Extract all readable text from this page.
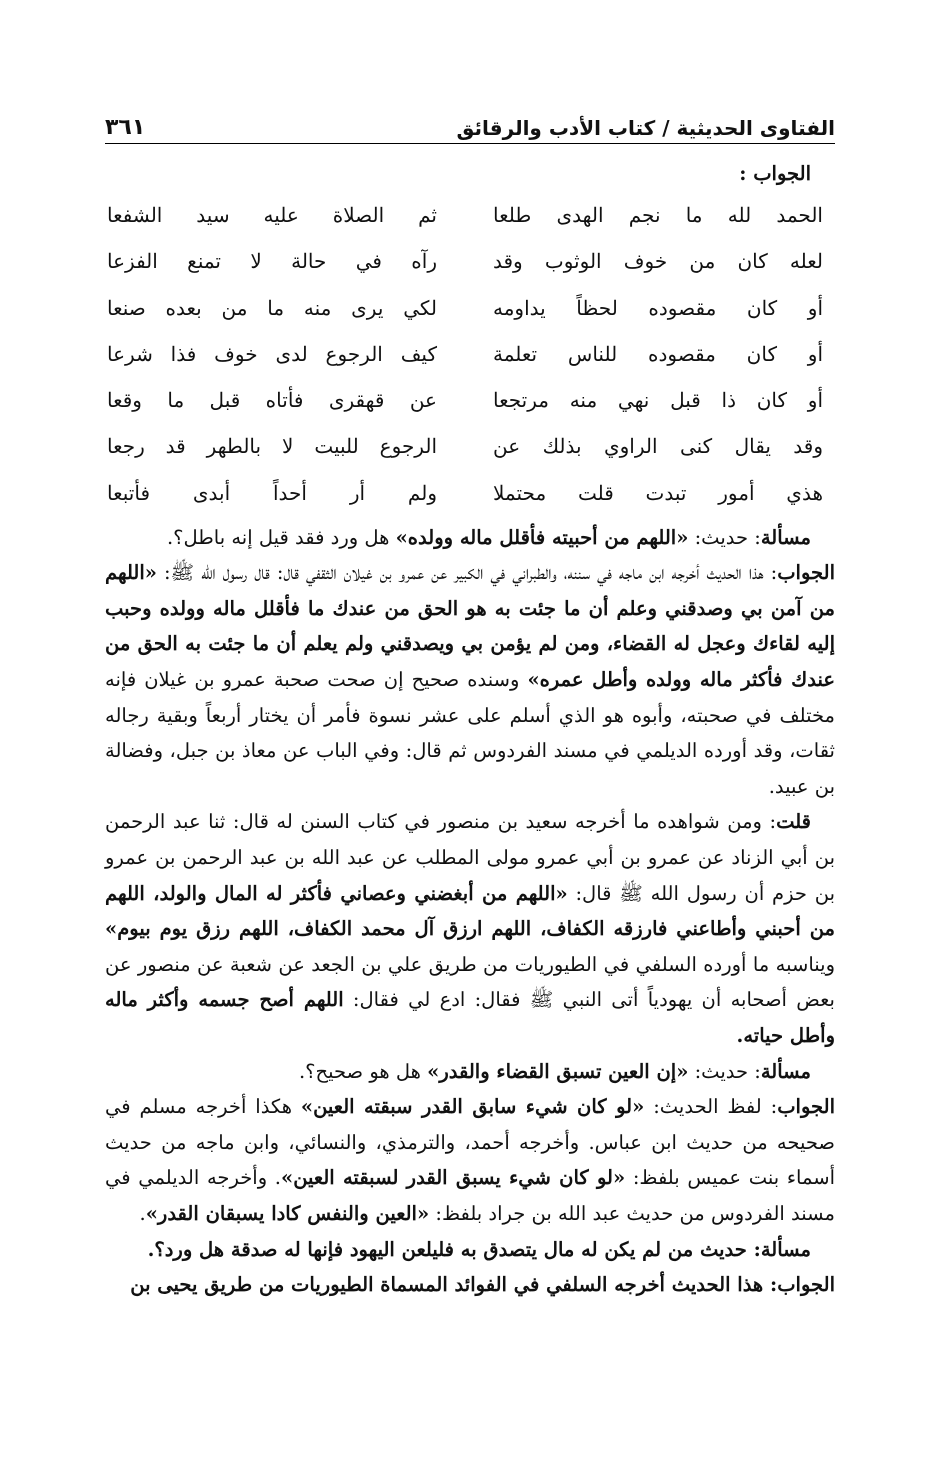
الفتاوى الحديثية / كتاب الأدب والرقائق
٣٦١

الجواب :

الحمد لله ما نجم الهدى طلعا
ثم الصلاة عليه سيد الشفعا
لعله كان من خوف الوثوب وقد
رآه في حالة لا تمنع الفزعا
أو كان مقصوده لحظاً يداومه
لكي يرى منه ما من بعده صنعا
أو كان مقصوده للناس تعلمة
كيف الرجوع لدى خوف فذا شرعا
أو كان ذا قبل نهي منه مرتجعا
عن قهقرى فأتاه قبل ما وقعا
وقد يقال كنى الراوي بذلك عن
الرجوع للبيت لا بالطهر قد رجعا
هذي أمور تبدت قلت محتملا
ولم أر أحداً أبدى فأتبعا

مسألة: حديث: «اللهم من أحبيته فأقلل ماله وولده» هل ورد فقد قيل إنه باطل؟.

الجواب: هذا الحديث أخرجه ابن ماجه في سننه، والطبراني في الكبير عن عمرو بن غيلان الثقفي قال: قال رسول الله ﷺ: «اللهم من آمن بي وصدقني وعلم أن ما جئت به هو الحق من عندك ما فأقلل ماله وولده وحبب إليه لقاءك وعجل له القضاء، ومن لم يؤمن بي ويصدقني ولم يعلم أن ما جئت به الحق من عندك فأكثر ماله وولده وأطل عمره» وسنده صحيح إن صحت صحبة عمرو بن غيلان فإنه مختلف في صحبته، وأبوه هو الذي أسلم على عشر نسوة فأمر أن يختار أربعاً وبقية رجاله ثقات، وقد أورده الديلمي في مسند الفردوس ثم قال: وفي الباب عن معاذ بن جبل، وفضالة بن عبيد.

قلت: ومن شواهده ما أخرجه سعيد بن منصور في كتاب السنن له قال: ثنا عبد الرحمن بن أبي الزناد عن عمرو بن أبي عمرو مولى المطلب عن عبد الله بن عبد الرحمن بن عمرو بن حزم أن رسول الله ﷺ قال: «اللهم من أبغضني وعصاني فأكثر له المال والولد، اللهم من أحبني وأطاعني فارزقه الكفاف، اللهم ارزق آل محمد الكفاف، اللهم رزق يوم بيوم» ويناسبه ما أورده السلفي في الطيوريات من طريق علي بن الجعد عن شعبة عن منصور عن بعض أصحابه أن يهودياً أتى النبي ﷺ فقال: ادع لي فقال: اللهم أصح جسمه وأكثر ماله وأطل حياته.

مسألة: حديث: «إن العين تسبق القضاء والقدر» هل هو صحيح؟.

الجواب: لفظ الحديث: «لو كان شيء سابق القدر سبقته العين» هكذا أخرجه مسلم في صحيحه من حديث ابن عباس. وأخرجه أحمد، والترمذي، والنسائي، وابن ماجه من حديث أسماء بنت عميس بلفظ: «لو كان شيء يسبق القدر لسبقته العين». وأخرجه الديلمي في مسند الفردوس من حديث عبد الله بن جراد بلفظ: «العين والنفس كادا يسبقان القدر».

مسألة: حديث من لم يكن له مال يتصدق به فليلعن اليهود فإنها له صدقة هل ورد؟.

الجواب: هذا الحديث أخرجه السلفي في الفوائد المسماة الطيوريات من طريق يحيى بن
